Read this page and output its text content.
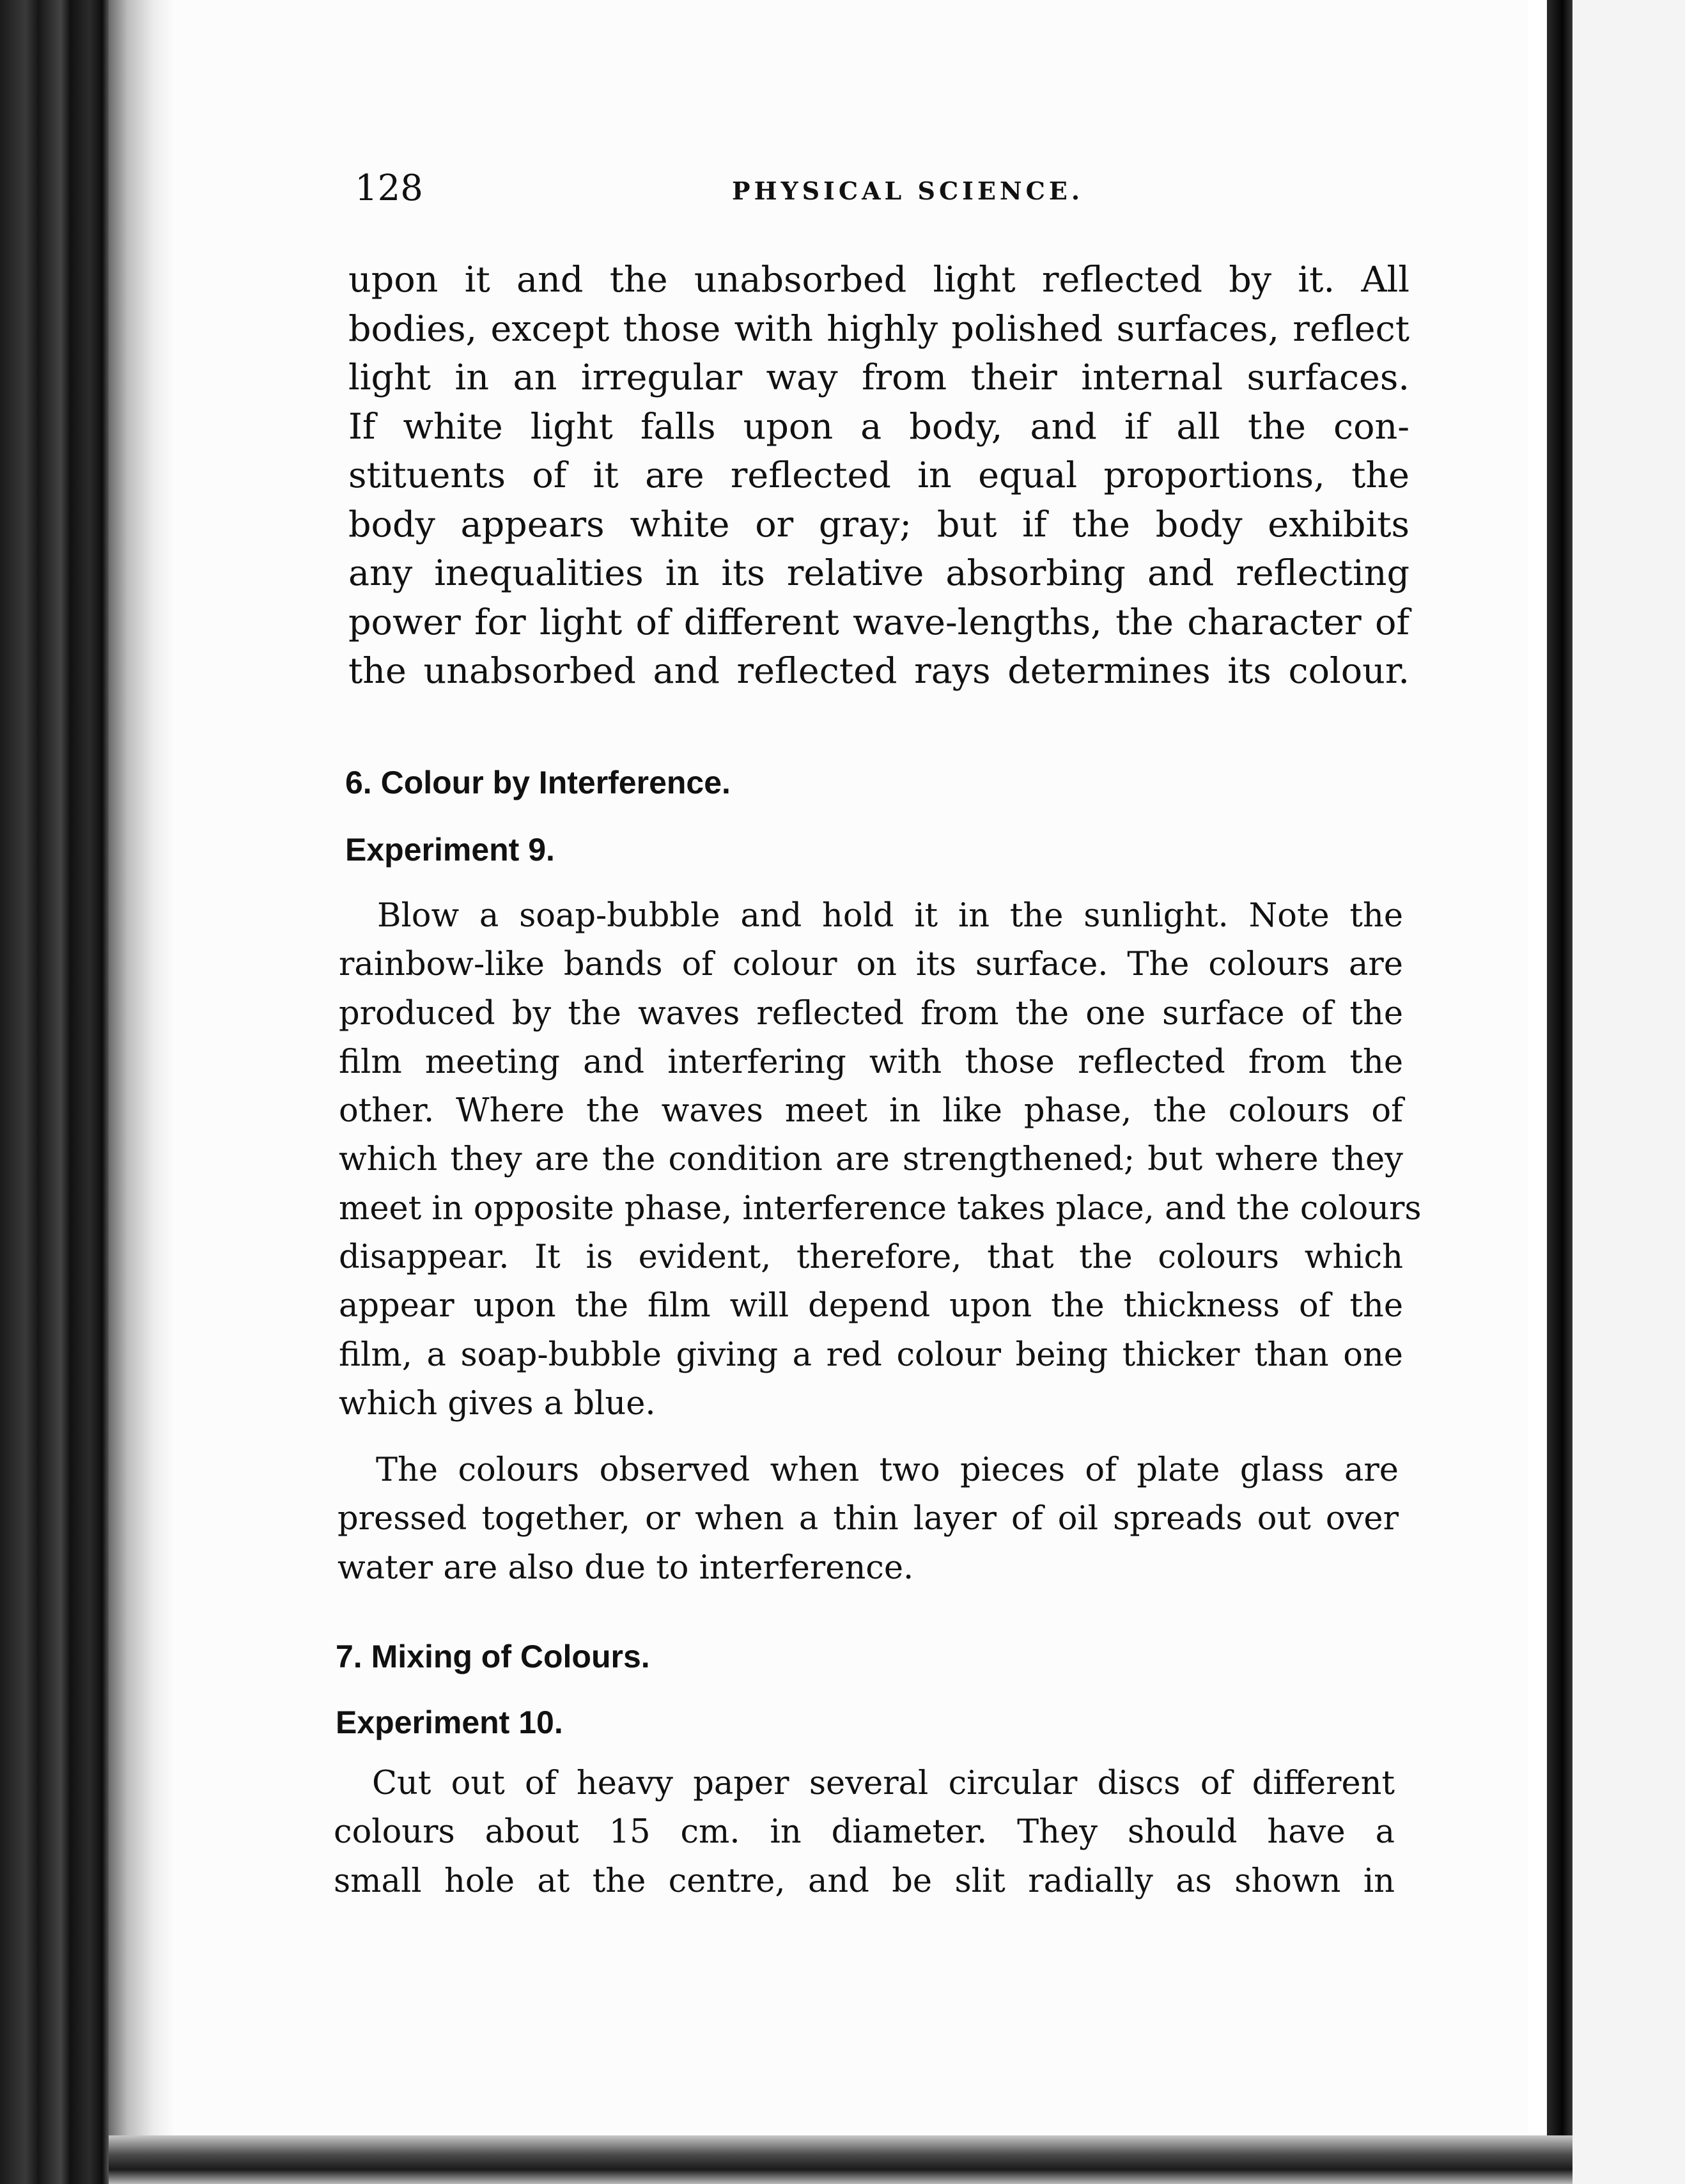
128	PHYSICAL SCIENCE.

upon it and the unabsorbed light reflected by it. All
bodies, except those with highly polished surfaces, reflect
light in an irregular way from their internal surfaces.
If white light falls upon a body, and if all the con-
stituents of it are reflected in equal proportions, the
body appears white or gray; but if the body exhibits
any inequalities in its relative absorbing and reflecting
power for light of different wave-lengths, the character of
the unabsorbed and reflected rays determines its colour.

6. Colour by Interference.
Experiment 9.

Blow a soap-bubble and hold it in the sunlight. Note the
rainbow-like bands of colour on its surface. The colours are
produced by the waves reflected from the one surface of the
film meeting and interfering with those reflected from the
other. Where the waves meet in like phase, the colours of
which they are the condition are strengthened; but where they
meet in opposite phase, interference takes place, and the colours
disappear. It is evident, therefore, that the colours which
appear upon the film will depend upon the thickness of the
film, a soap-bubble giving a red colour being thicker than one
which gives a blue.

The colours observed when two pieces of plate glass are
pressed together, or when a thin layer of oil spreads out over
water are also due to interference.

7. Mixing of Colours.
Experiment 10.

Cut out of heavy paper several circular discs of different
colours about 15 cm. in diameter. They should have a
small hole at the centre, and be slit radially as shown in
